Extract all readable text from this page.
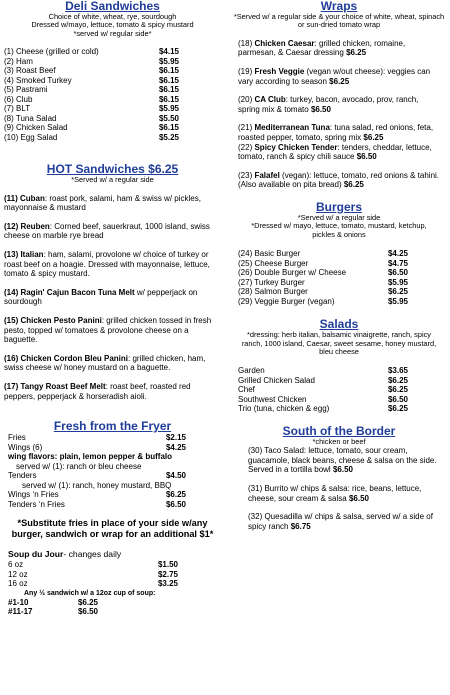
Deli Sandwiches
Choice of white, wheat, rye, sourdough
Dressed w/mayo, lettuce, tomato & spicy mustard
*served w/ regular side*
(1) Cheese (grilled or cold)	$4.15
(2) Ham	$5.95
(3) Roast Beef	$6.15
(4) Smoked Turkey	$6.15
(5) Pastrami	$6.15
(6) Club	$6.15
(7) BLT	$5.95
(8) Tuna Salad	$5.50
(9) Chicken Salad	$6.15
(10) Egg Salad	$5.25
HOT Sandwiches $6.25
*Served w/ a regular side
(11) Cuban: roast pork, salami, ham & swiss w/ pickles, mayonnaise & mustard
(12) Reuben: Corned beef, sauerkraut, 1000 island, swiss cheese on marble rye bread
(13) Italian: ham, salami, provolone w/ choice of turkey or roast beef on a hoagie. Dressed with mayonnaise, lettuce, tomato & spicy mustard.
(14) Ragin' Cajun Bacon Tuna Melt w/ pepperjack on sourdough
(15) Chicken Pesto Panini: grilled chicken tossed in fresh pesto, topped w/ tomatoes & provolone cheese on a baguette.
(16) Chicken Cordon Bleu Panini: grilled chicken, ham, swiss cheese w/ honey mustard on a baguette.
(17) Tangy Roast Beef Melt: roast beef, roasted red peppers, pepperjack & horseradish aioli.
Fresh from the Fryer
Fries	$2.15
Wings (6)	$4.25
wing flavors: plain, lemon pepper & buffalo
served w/ (1): ranch or bleu cheese
Tenders	$4.50
served w/ (1): ranch, honey mustard, BBQ
Wings ‘n Fries	$6.25
Tenders ‘n Fries	$6.50
*Substitute fries in place of your side w/any burger, sandwich or wrap for an additional $1*
Soup du Jour- changes daily
6 oz	$1.50
12 oz	$2.75
16 oz	$3.25
Any ½ sandwich w/ a 12oz cup of soup:
#1-10	$6.25
#11-17	$6.50
Wraps
*Served w/ a regular side & your choice of white, wheat, spinach or sun-dried tomato wrap
(18) Chicken Caesar: grilled chicken, romaine, parmesan, & Caesar dressing $6.25
(19) Fresh Veggie (vegan w/out cheese): veggies can vary according to season $6.25
(20) CA Club: turkey, bacon, avocado, prov, ranch, spring mix & tomato $6.50
(21) Mediterranean Tuna: tuna salad, red onions, feta, roasted pepper, tomato, spring mix $6.25
(22) Spicy Chicken Tender: tenders, cheddar, lettuce, tomato, ranch & spicy chili sauce $6.50
(23) Falafel (vegan): lettuce, tomato, red onions & tahini. (Also available on pita bread) $6.25
Burgers
*Served w/ a regular side
*Dressed w/ mayo, lettuce, tomato, mustard, ketchup, pickles & onions
(24) Basic Burger	$4.25
(25) Cheese Burger	$4.75
(26) Double Burger w/ Cheese	$6.50
(27) Turkey Burger	$5.95
(28) Salmon Burger	$6.25
(29) Veggie Burger (vegan)	$5.95
Salads
*dressing: herb italian, balsamic vinaigrette, ranch, spicy ranch, 1000 island, Caesar, sweet sesame, honey mustard, bleu cheese
Garden	$3.65
Grilled Chicken Salad	$6.25
Chef	$6.25
Southwest Chicken	$6.50
Trio (tuna, chicken & egg)	$6.25
South of the Border
*chicken or beef
(30) Taco Salad: lettuce, tomato, sour cream, guacamole, black beans, cheese & salsa on the side. Served in a tortilla bowl $6.50
(31) Burrito w/ chips & salsa: rice, beans, lettuce, cheese, sour cream & salsa $6.50
(32) Quesadilla w/ chips & salsa, served w/ a side of spicy ranch $6.75
